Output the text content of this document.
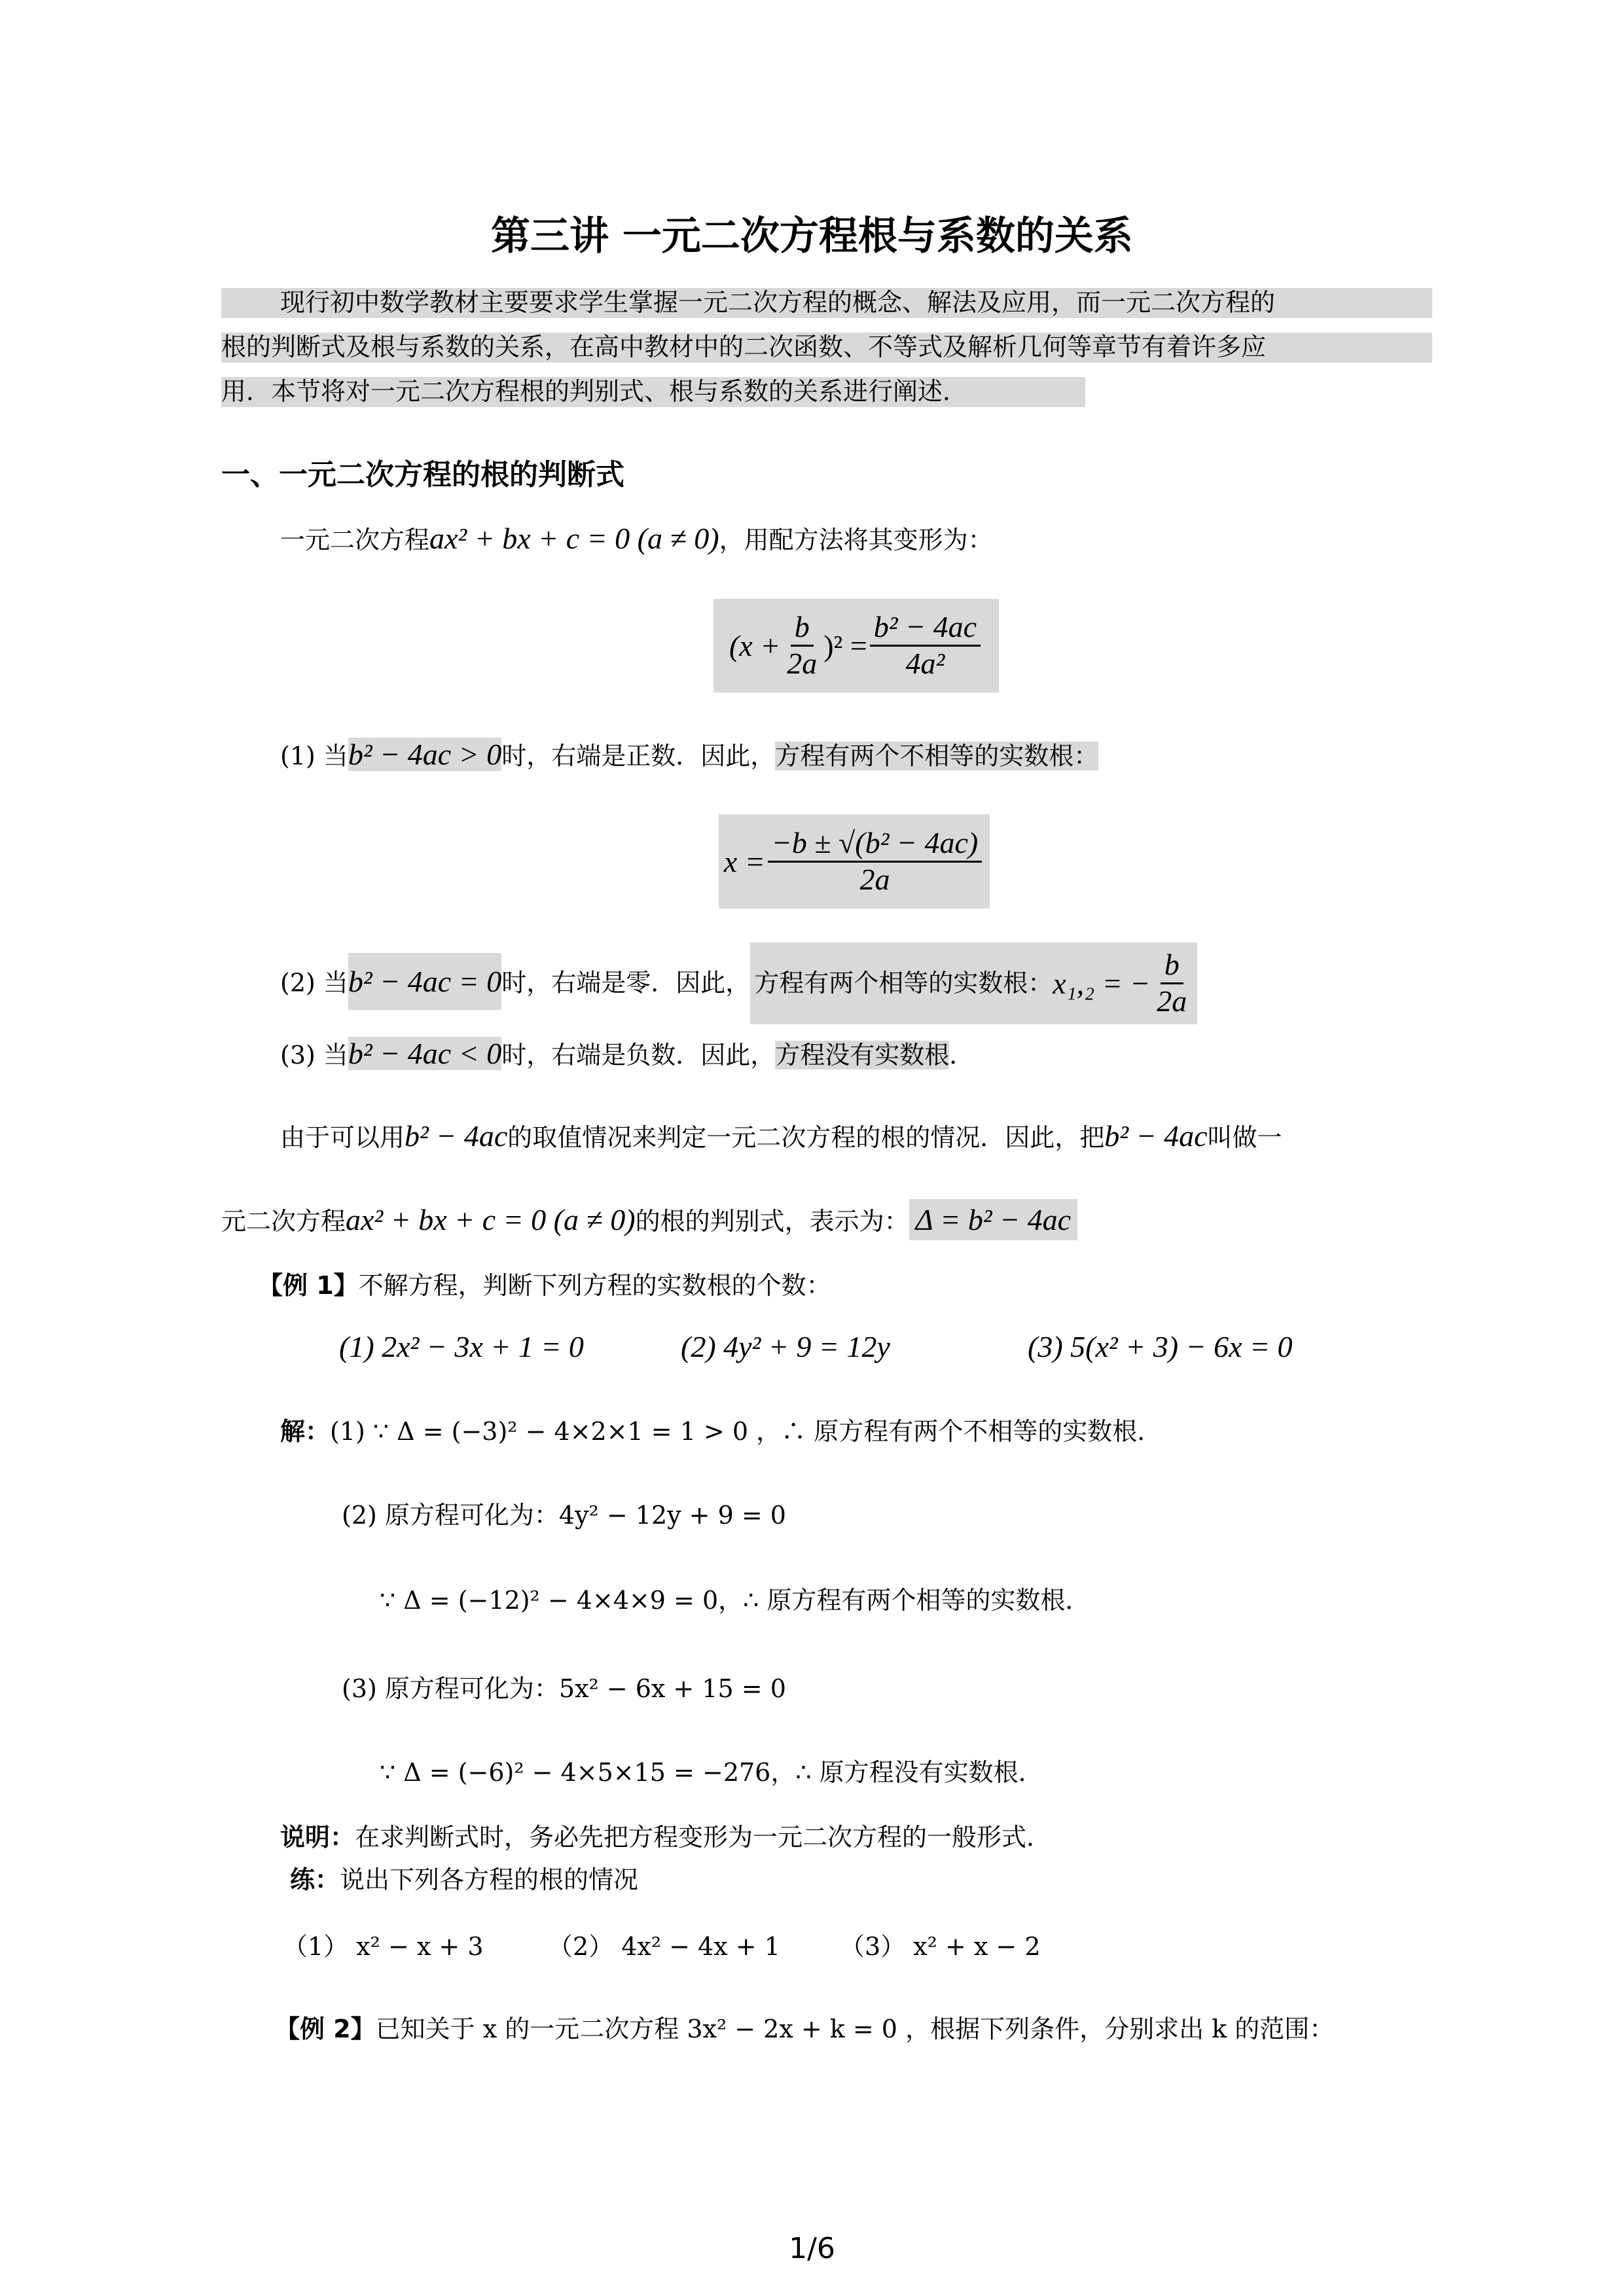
第三讲 一元二次方程根与系数的关系
现行初中数学教材主要要求学生掌握一元二次方程的概念、解法及应用，而一元二次方程的
根的判断式及根与系数的关系，在高中教材中的二次函数、不等式及解析几何等章节有着许多应
用．本节将对一元二次方程根的判别式、根与系数的关系进行阐述．
一、一元二次方程的根的判断式
一元二次方程ax² + bx + c = 0 (a ≠ 0)，用配方法将其变形为：
$(x + \frac{b}{2a} )^2 = \frac{\text{b² − 4ac}}{\text{4a²}}$
(1) 当b² − 4ac > 0时，右端是正数．因此，方程有两个不相等的实数根：
$x = \frac{\text{−b ± √(b² − 4ac)}}{2a}$
(2) 当b² − 4ac = 0时，右端是零．因此， 方程有两个相等的实数根： x₁,₂ = − $\frac{b}{2a}$
(3) 当b² − 4ac < 0时，右端是负数．因此，方程没有实数根．
由于可以用b² − 4ac的取值情况来判定一元二次方程的根的情况．因此，把b² − 4ac叫做一
元二次方程ax² + bx + c = 0 (a ≠ 0)的根的判别式，表示为： Δ = b² − 4ac
【例 1】不解方程，判断下列方程的实数根的个数：
(1) 2x² − 3x + 1 = 0	(2) 4y² + 9 = 12y	(3) 5(x² + 3) − 6x = 0
解：(1) ∵ Δ = (−3)² − 4×2×1 = 1 > 0 ，∴ 原方程有两个不相等的实数根．
(2) 原方程可化为：4y² − 12y + 9 = 0
∵ Δ = (−12)² − 4×4×9 = 0，∴ 原方程有两个相等的实数根．
(3) 原方程可化为：5x² − 6x + 15 = 0
∵ Δ = (−6)² − 4×5×15 = −276，∴ 原方程没有实数根．
说明：在求判断式时，务必先把方程变形为一元二次方程的一般形式．
练：说出下列各方程的根的情况
（1） x² − x + 3	（2） 4x² − 4x + 1 （3） x² + x − 2
【例 2】已知关于 x 的一元二次方程 3x² − 2x + k = 0 ，根据下列条件，分别求出 k 的范围：
1/6
